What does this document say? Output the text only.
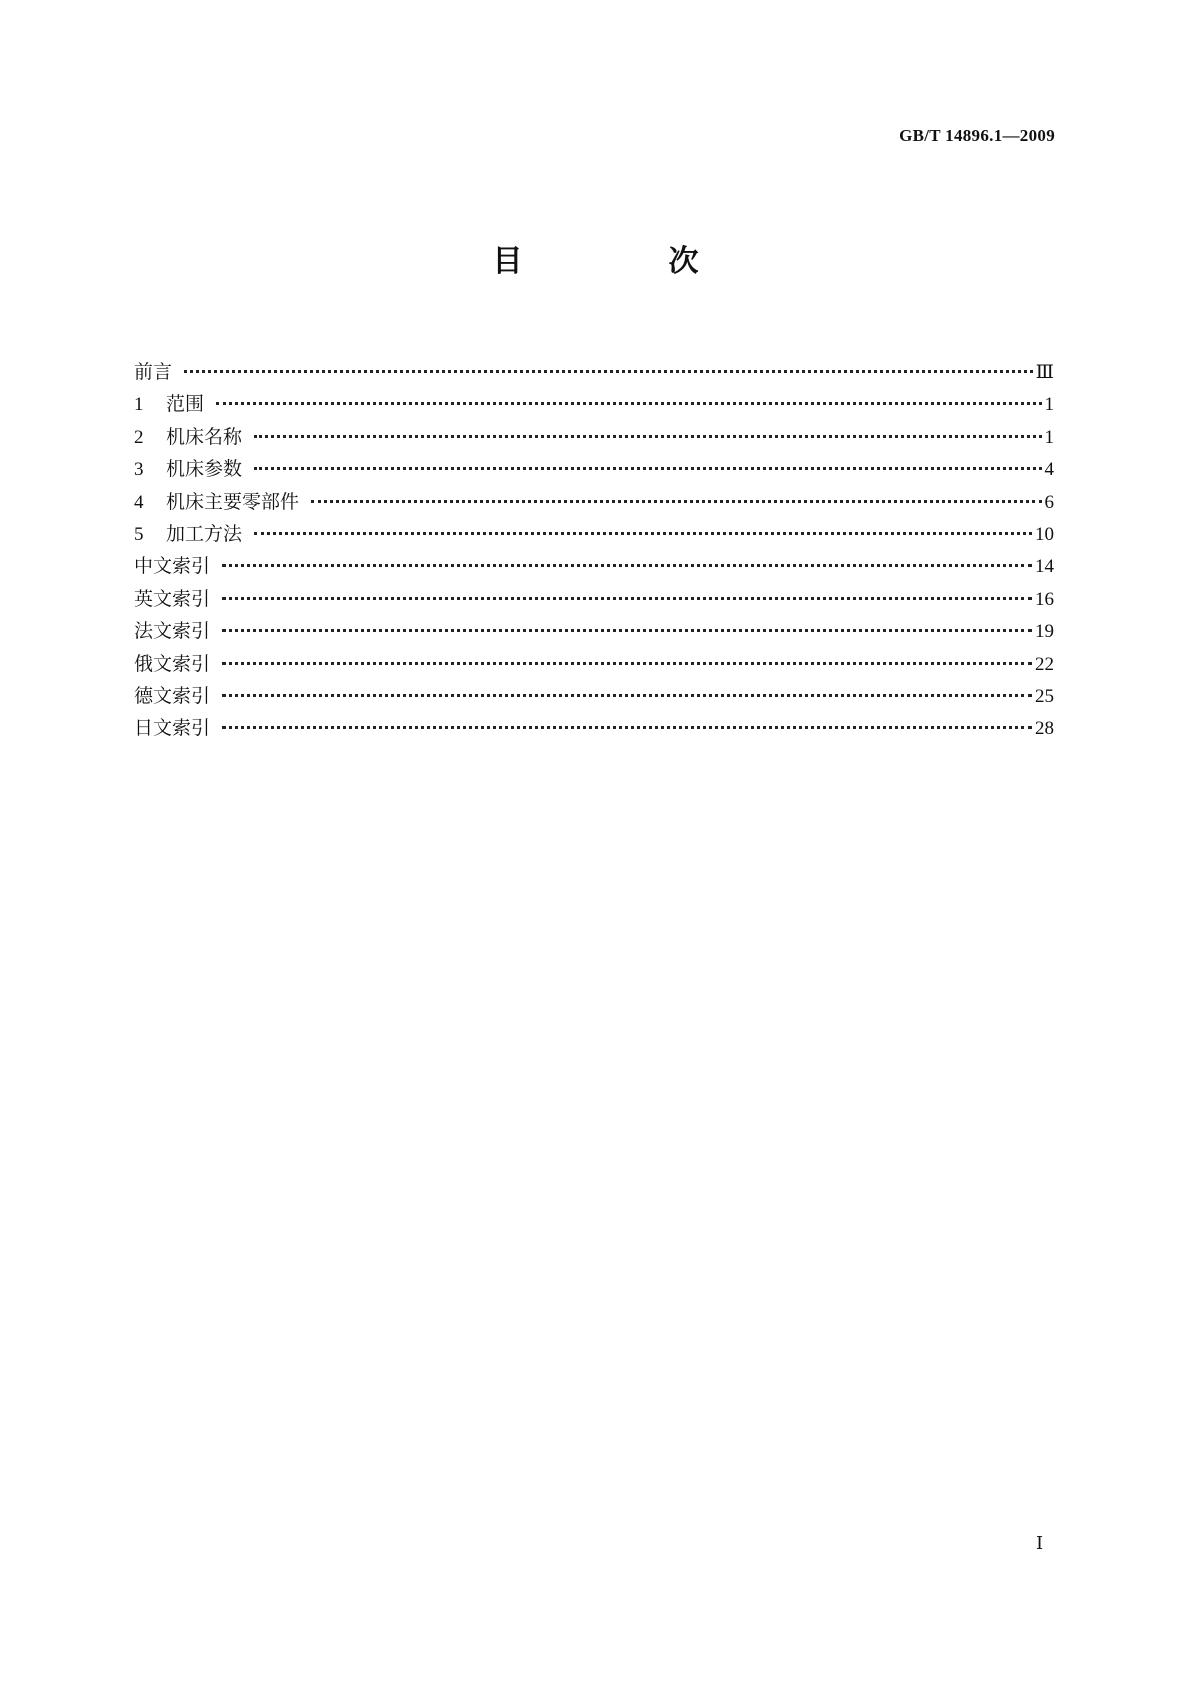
GB/T 14896.1—2009
目　次
前言	Ⅲ
1	范围	1
2	机床名称	1
3	机床参数	4
4	机床主要零部件	6
5	加工方法	10
中文索引	14
英文索引	16
法文索引	19
俄文索引	22
德文索引	25
日文索引	28
Ⅰ
